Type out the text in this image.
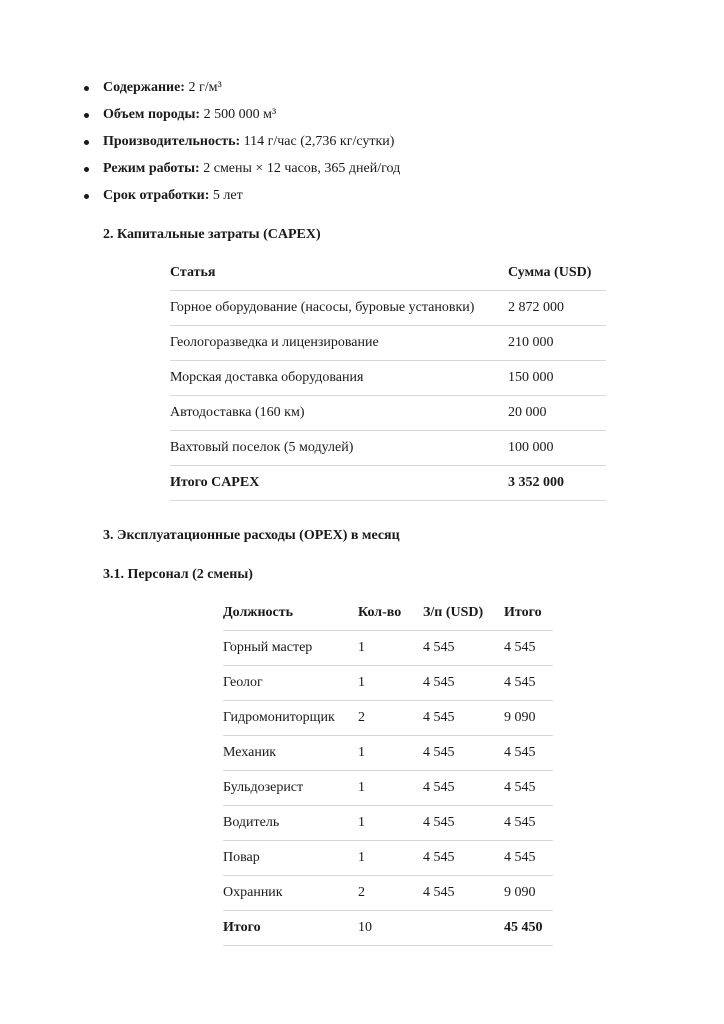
Содержание: 2 г/м³
Объем породы: 2 500 000 м³
Производительность: 114 г/час (2,736 кг/сутки)
Режим работы: 2 смены × 12 часов, 365 дней/год
Срок отработки: 5 лет
2. Капитальные затраты (CAPEX)
Статья	Сумма (USD)
Горное оборудование (насосы, буровые установки)	2 872 000
Геологоразведка и лицензирование	210 000
Морская доставка оборудования	150 000
Автодоставка (160 км)	20 000
Вахтовый поселок (5 модулей)	100 000
Итого CAPEX	3 352 000
3. Эксплуатационные расходы (OPEX) в месяц
3.1. Персонал (2 смены)
Должность	Кол-во	З/п (USD)	Итого
Горный мастер	1	4 545	4 545
Геолог	1	4 545	4 545
Гидромониторщик	2	4 545	9 090
Механик	1	4 545	4 545
Бульдозерист	1	4 545	4 545
Водитель	1	4 545	4 545
Повар	1	4 545	4 545
Охранник	2	4 545	9 090
Итого	10		45 450
